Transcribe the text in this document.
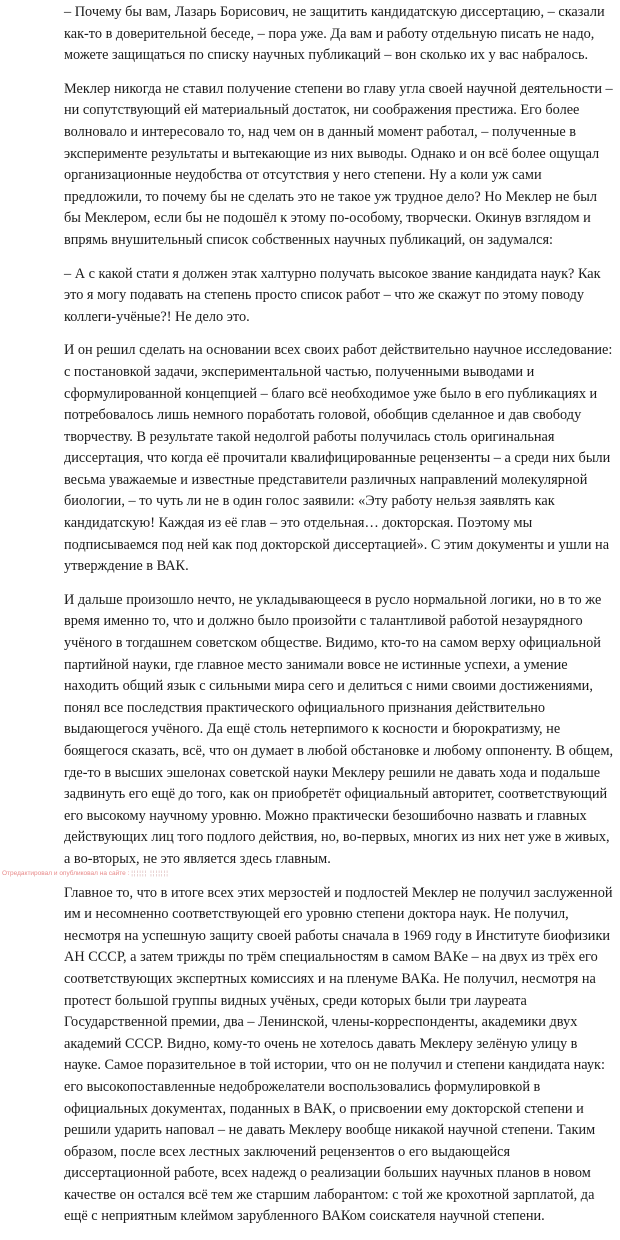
– Почему бы вам, Лазарь Борисович, не защитить кандидатскую диссертацию, – сказали как-то в доверительной беседе, – пора уже. Да вам и работу отдельную писать не надо, можете защищаться по списку научных публикаций – вон сколько их у вас набралось.

Меклер никогда не ставил получение степени во главу угла своей научной деятельности – ни сопутствующий ей материальный достаток, ни соображения престижа. Его более волновало и интересовало то, над чем он в данный момент работал, – полученные в эксперименте результаты и вытекающие из них выводы. Однако и он всё более ощущал организационные неудобства от отсутствия у него степени. Ну а коли уж сами предложили, то почему бы не сделать это не такое уж трудное дело? Но Меклер не был бы Меклером, если бы не подошёл к этому по-особому, творчески. Окинув взглядом и впрямь внушительный список собственных научных публикаций, он задумался:

– А с какой стати я должен этак халтурно получать высокое звание кандидата наук? Как это я могу подавать на степень просто список работ – что же скажут по этому поводу коллеги-учёные?! Не дело это.

И он решил сделать на основании всех своих работ действительно научное исследование: с постановкой задачи, экспериментальной частью, полученными выводами и сформулированной концепцией – благо всё необходимое уже было в его публикациях и потребовалось лишь немного поработать головой, обобщив сделанное и дав свободу творчеству. В результате такой недолгой работы получилась столь оригинальная диссертация, что когда её прочитали квалифицированные рецензенты – а среди них были весьма уважаемые и известные представители различных направлений молекулярной биологии, – то чуть ли не в один голос заявили: «Эту работу нельзя заявлять как кандидатскую! Каждая из её глав – это отдельная… докторская. Поэтому мы подписываемся под ней как под докторской диссертацией». С этим документы и ушли на утверждение в ВАК.

И дальше произошло нечто, не укладывающееся в русло нормальной логики, но в то же время именно то, что и должно было произойти с талантливой работой незаурядного учёного в тогдашнем советском обществе. Видимо, кто-то на самом верху официальной партийной науки, где главное место занимали вовсе не истинные успехи, а умение находить общий язык с сильными мира сего и делиться с ними своими достижениями, понял все последствия практического официального признания действительно выдающегося учёного. Да ещё столь нетерпимого к косности и бюрократизму, не боящегося сказать, всё, что он думает в любой обстановке и любому оппоненту. В общем, где-то в высших эшелонах советской науки Меклеру решили не давать хода и подальше задвинуть его ещё до того, как он приобретёт официальный авторитет, соответствующий его высокому научному уровню. Можно практически безошибочно назвать и главных действующих лиц того подлого действия, но, во-первых, многих из них нет уже в живых, а во-вторых, не это является здесь главным.

Главное то, что в итоге всех этих мерзостей и подлостей Меклер не получил заслуженной им и несомненно соответствующей его уровню степени доктора наук. Не получил, несмотря на успешную защиту своей работы сначала в 1969 году в Институте биофизики АН СССР, а затем трижды по трём специальностям в самом ВАКе – на двух из трёх его соответствующих экспертных комиссиях и на пленуме ВАКа. Не получил, несмотря на протест большой группы видных учёных, среди которых были три лауреата Государственной премии, два – Ленинской, члены-корреспонденты, академики двух академий СССР. Видно, кому-то очень не хотелось давать Меклеру зелёную улицу в науке. Самое поразительное в той истории, что он не получил и степени кандидата наук: его высокопоставленные недоброжелатели воспользовались формулировкой в официальных документах, поданных в ВАК, о присвоении ему докторской степени и решили ударить наповал – не давать Меклеру вообще никакой научной степени. Таким образом, после всех лестных заключений рецензентов о его выдающейся диссертационной работе, всех надежд о реализации больших научных планов в новом качестве он остался всё тем же старшим лаборантом: с той же крохотной зарплатой, да ещё с неприятным клеймом зарубленного ВАКом соискателя научной степени.

Отредактировал и опубликовал на сайте : ¦¦¦¦¦¦ ¦¦¦¦¦¦¦
